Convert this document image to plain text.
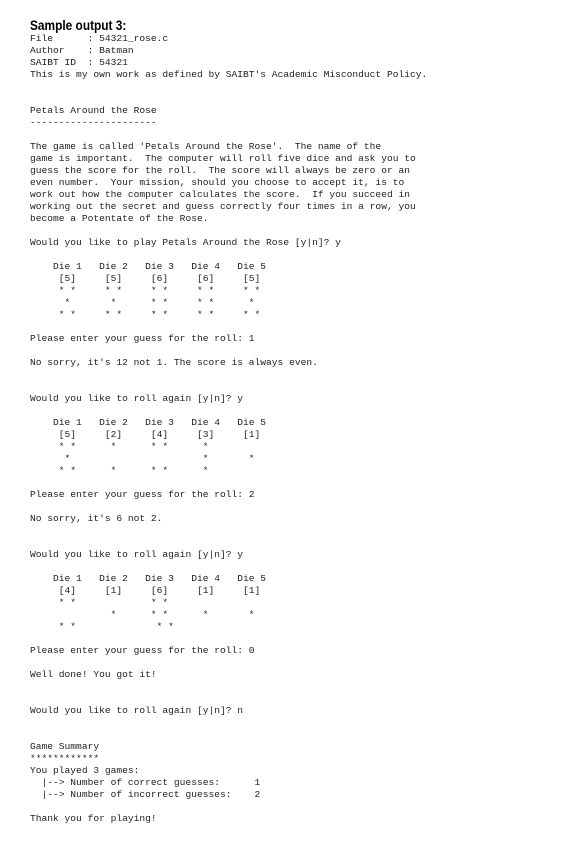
Sample output 3:
File      : 54321_rose.c
Author    : Batman
SAIBT ID  : 54321
This is my own work as defined by SAIBT's Academic Misconduct Policy.
Petals Around the Rose
----------------------
The game is called 'Petals Around the Rose'.  The name of the
game is important.  The computer will roll five dice and ask you to
guess the score for the roll.  The score will always be zero or an
even number.  Your mission, should you choose to accept it, is to
work out how the computer calculates the score.  If you succeed in
working out the secret and guess correctly four times in a row, you
become a Potentate of the Rose.
Would you like to play Petals Around the Rose [y|n]? y
Die 1   Die 2   Die 3   Die 4   Die 5
[5]     [5]     [6]     [6]     [5]
* *     * *     * *     * *     * *
*       *      * *     * *      *
* *     * *     * *     * *     * *
Please enter your guess for the roll: 1
No sorry, it's 12 not 1. The score is always even.
Would you like to roll again [y|n]? y
Die 1   Die 2   Die 3   Die 4   Die 5
[5]     [2]     [4]     [3]     [1]
* *      *      * *      *
*                       *       *
* *      *      * *      *
Please enter your guess for the roll: 2
No sorry, it's 6 not 2.
Would you like to roll again [y|n]? y
Die 1   Die 2   Die 3   Die 4   Die 5
[4]     [1]     [6]     [1]     [1]
* *             * *
*      * *      *       *
* *              * *
Please enter your guess for the roll: 0
Well done! You got it!
Would you like to roll again [y|n]? n
Game Summary
************
You played 3 games:
|--> Number of correct guesses:      1
|--> Number of incorrect guesses:    2
Thank you for playing!
